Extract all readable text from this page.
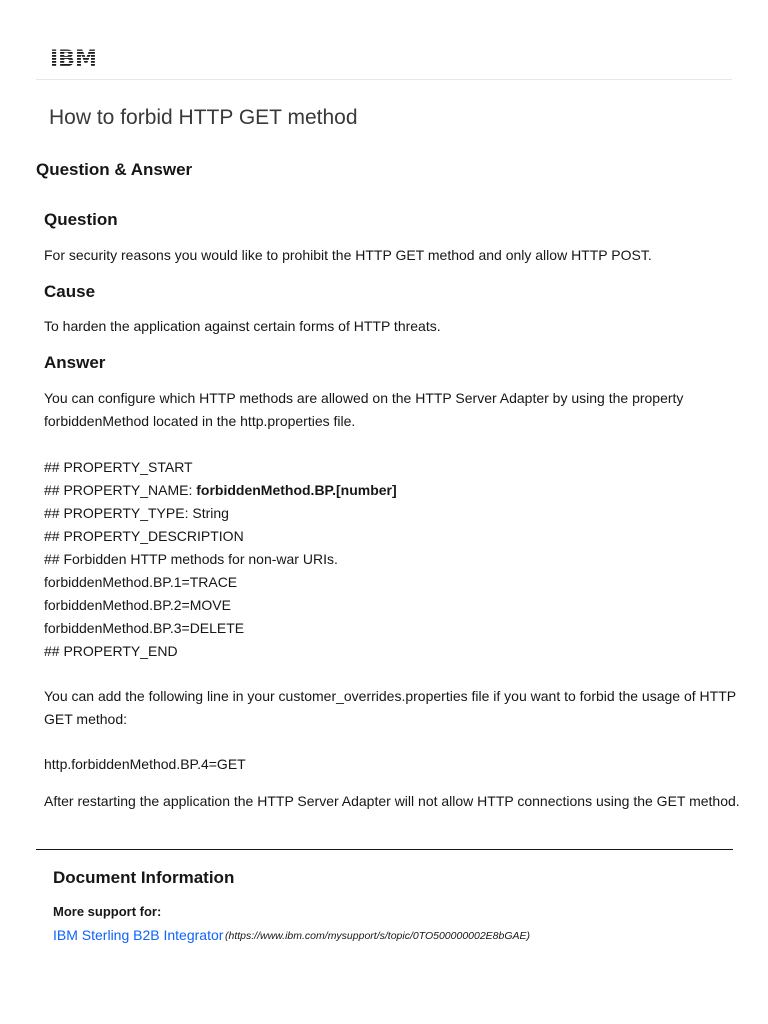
IBM
How to forbid HTTP GET method
Question & Answer
Question

For security reasons you would like to prohibit the HTTP GET method and only allow HTTP POST.

Cause

To harden the application against certain forms of HTTP threats.

Answer

You can configure which HTTP methods are allowed on the HTTP Server Adapter by using the property

forbiddenMethod located in the http.properties file.

## PROPERTY_START
## PROPERTY_NAME: forbiddenMethod.BP.[number]
## PROPERTY_TYPE: String
## PROPERTY_DESCRIPTION
## Forbidden HTTP methods for non-war URIs.
forbiddenMethod.BP.1=TRACE
forbiddenMethod.BP.2=MOVE
forbiddenMethod.BP.3=DELETE
## PROPERTY_END

You can add the following line in your customer_overrides.properties file if you want to forbid the usage of HTTP

GET method:

http.forbiddenMethod.BP.4=GET

After restarting the application the HTTP Server Adapter will not allow HTTP connections using the GET method.

Document Information
More support for:
IBM Sterling B2B Integrator (https://www.ibm.com/mysupport/s/topic/0TO500000002E8bGAE)
